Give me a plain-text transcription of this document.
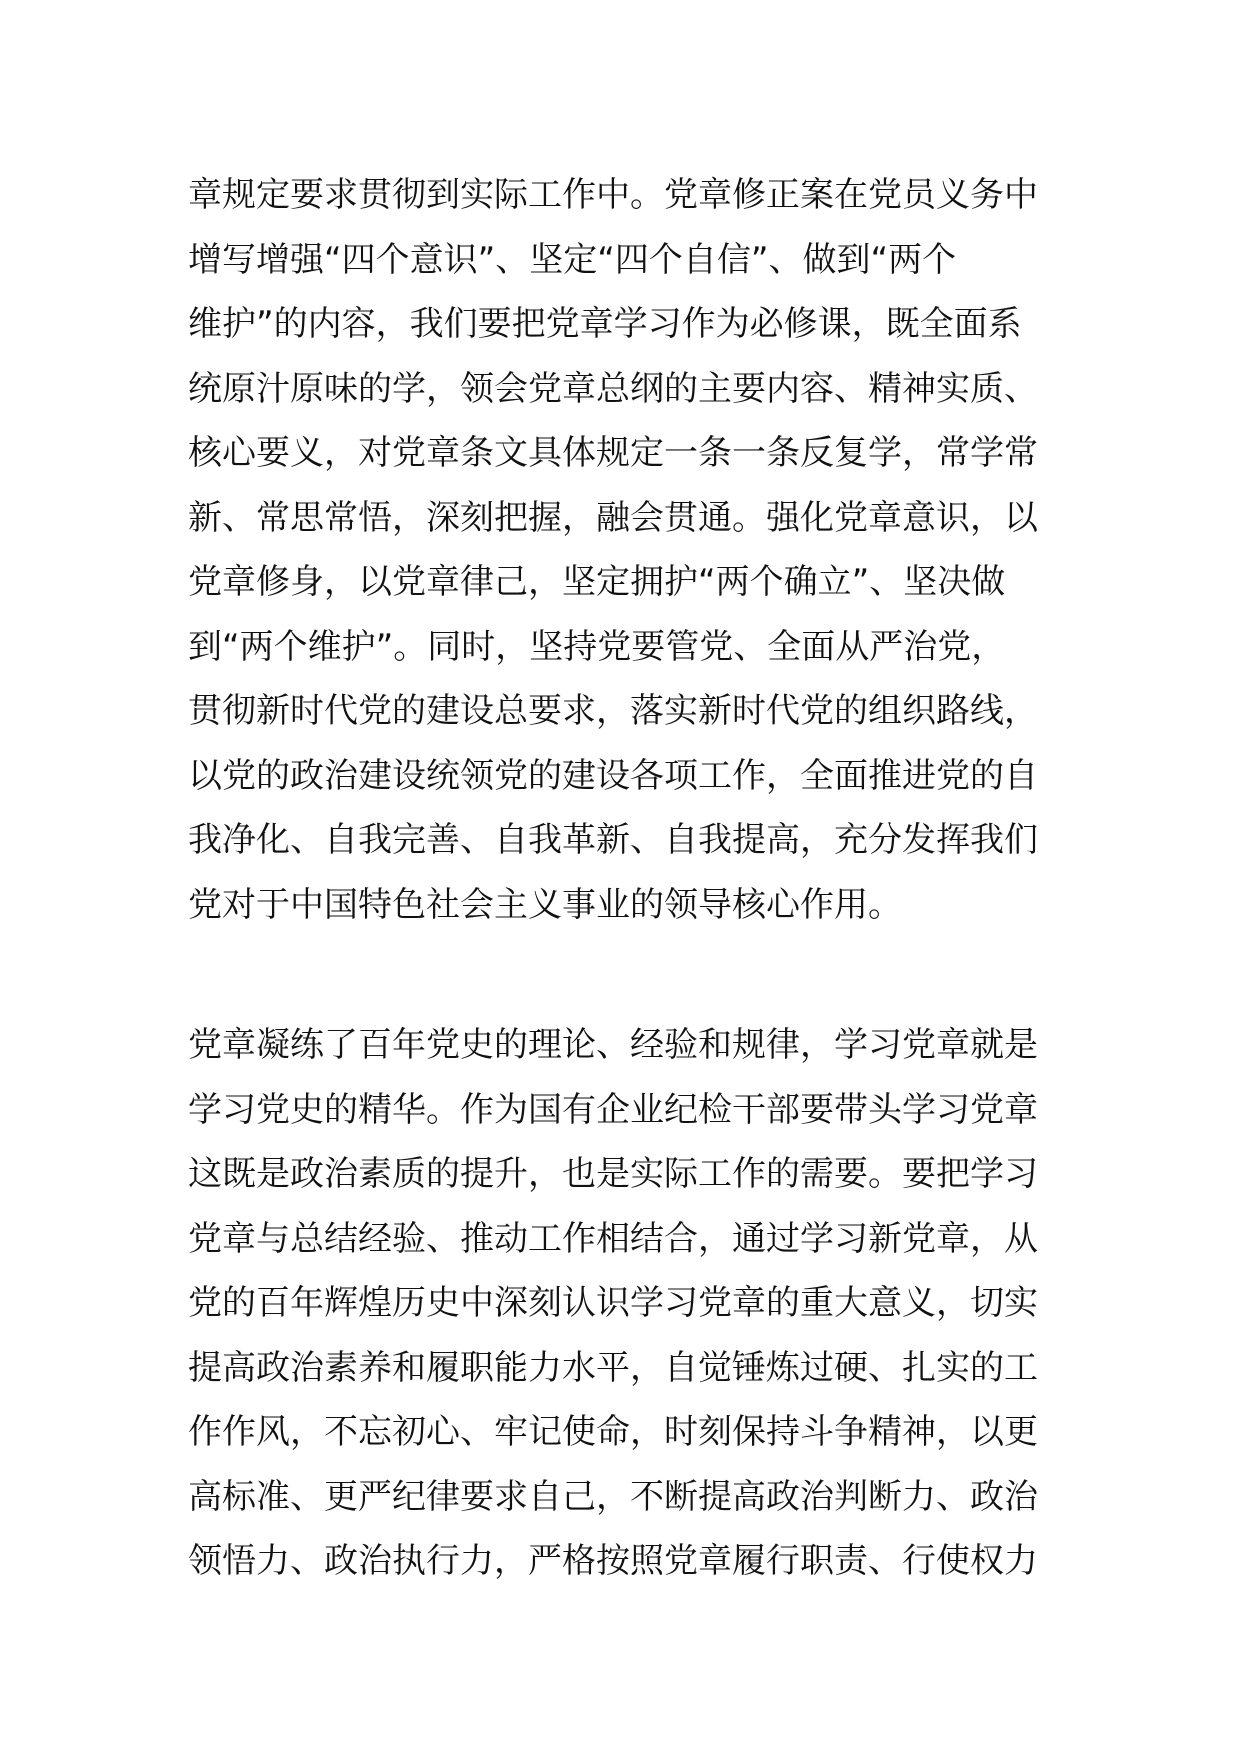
章规定要求贯彻到实际工作中。党章修正案在党员义务中
增写增强“四个意识”、坚定“四个自信”、做到“两个
维护”的内容，我们要把党章学习作为必修课，既全面系
统原汁原味的学，领会党章总纲的主要内容、精神实质、
核心要义，对党章条文具体规定一条一条反复学，常学常
新、常思常悟，深刻把握，融会贯通。强化党章意识，以
党章修身，以党章律己，坚定拥护“两个确立”、坚决做
到“两个维护”。同时，坚持党要管党、全面从严治党，
贯彻新时代党的建设总要求，落实新时代党的组织路线，
以党的政治建设统领党的建设各项工作，全面推进党的自
我净化、自我完善、自我革新、自我提高，充分发挥我们
党对于中国特色社会主义事业的领导核心作用。
党章凝练了百年党史的理论、经验和规律，学习党章就是
学习党史的精华。作为国有企业纪检干部要带头学习党章
这既是政治素质的提升，也是实际工作的需要。要把学习
党章与总结经验、推动工作相结合，通过学习新党章，从
党的百年辉煌历史中深刻认识学习党章的重大意义，切实
提高政治素养和履职能力水平，自觉锤炼过硬、扎实的工
作作风，不忘初心、牢记使命，时刻保持斗争精神，以更
高标准、更严纪律要求自己，不断提高政治判断力、政治
领悟力、政治执行力，严格按照党章履行职责、行使权力
